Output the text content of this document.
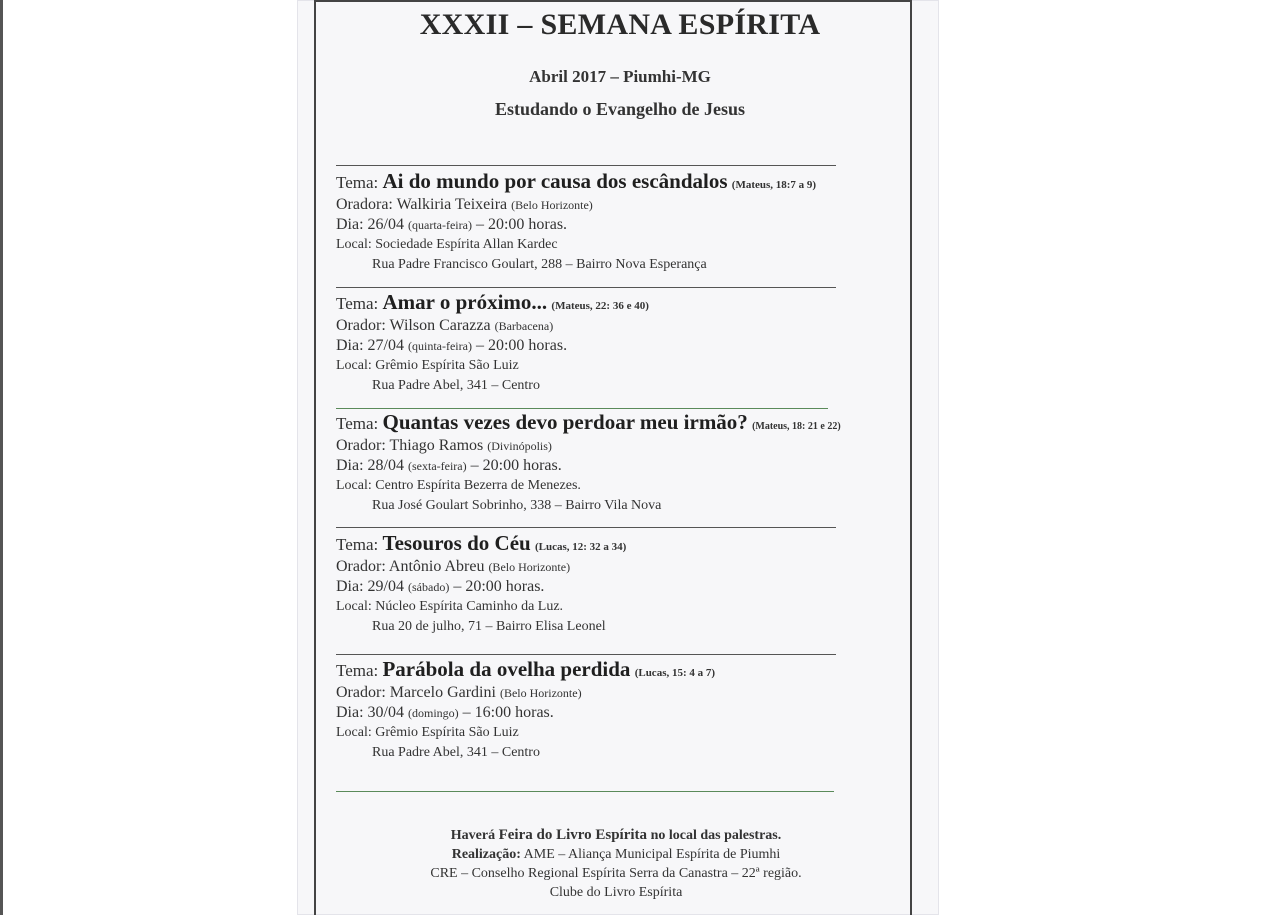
XXXII – SEMANA ESPÍRITA
Abril 2017 – Piumhi-MG
Estudando o Evangelho de Jesus
Tema: Ai do mundo por causa dos escândalos (Mateus, 18:7 a 9)
Oradora: Walkiria Teixeira (Belo Horizonte)
Dia: 26/04 (quarta-feira) – 20:00 horas.
Local: Sociedade Espírita Allan Kardec
Rua Padre Francisco Goulart, 288 – Bairro Nova Esperança
Tema: Amar o próximo... (Mateus, 22: 36 e 40)
Orador: Wilson Carazza (Barbacena)
Dia: 27/04 (quinta-feira) – 20:00 horas.
Local: Grêmio Espírita São Luiz
Rua Padre Abel, 341 – Centro
Tema: Quantas vezes devo perdoar meu irmão? (Mateus, 18: 21 e 22)
Orador: Thiago Ramos (Divinópolis)
Dia: 28/04 (sexta-feira) – 20:00 horas.
Local: Centro Espírita Bezerra de Menezes.
Rua José Goulart Sobrinho, 338 – Bairro Vila Nova
Tema: Tesouros do Céu (Lucas, 12: 32 a 34)
Orador: Antônio Abreu (Belo Horizonte)
Dia: 29/04 (sábado) – 20:00 horas.
Local: Núcleo Espírita Caminho da Luz.
Rua 20 de julho, 71 – Bairro Elisa Leonel
Tema: Parábola da ovelha perdida (Lucas, 15: 4 a 7)
Orador: Marcelo Gardini (Belo Horizonte)
Dia: 30/04 (domingo) – 16:00 horas.
Local: Grêmio Espírita São Luiz
Rua Padre Abel, 341 – Centro
Haverá Feira do Livro Espírita no local das palestras.
Realização: AME – Aliança Municipal Espírita de Piumhi
CRE – Conselho Regional Espírita Serra da Canastra – 22ª região.
Clube do Livro Espírita
